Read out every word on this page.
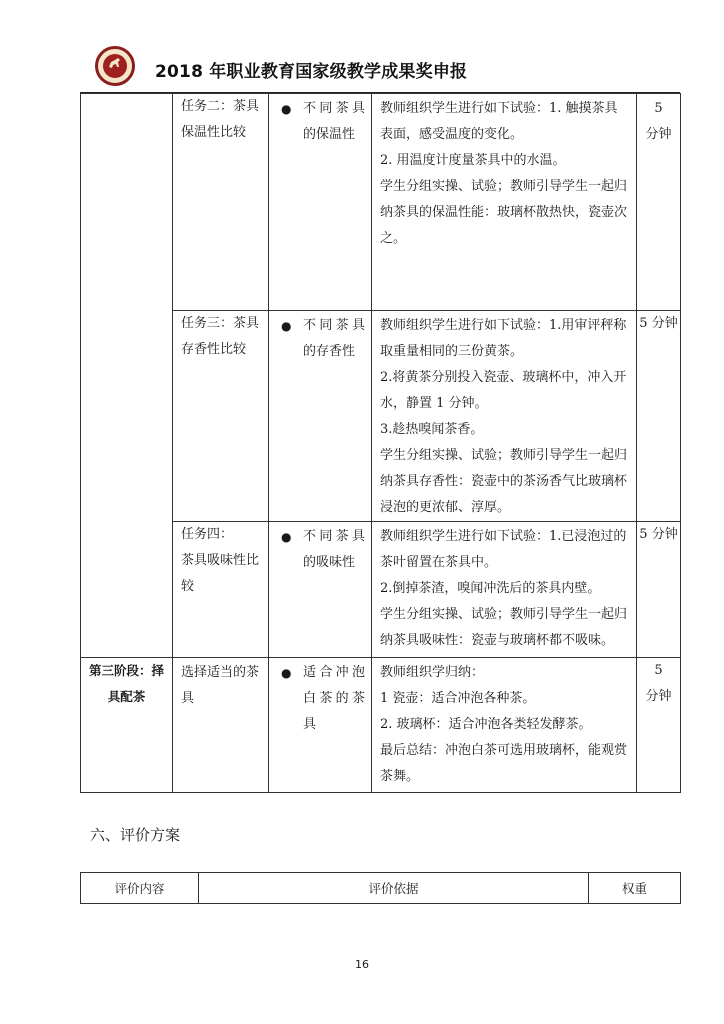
2018 年职业教育国家级教学成果奖申报

	任务二：茶具
保温性比较	● 不同茶具的保温性	教师组织学生进行如下试验：1. 触摸茶具表面，感受温度的变化。
2. 用温度计度量茶具中的水温。
学生分组实操、试验；教师引导学生一起归纳茶具的保温性能：玻璃杯散热快，瓷壶次之。	5
分钟

	任务三：茶具
存香性比较	● 不同茶具的存香性	教师组织学生进行如下试验：1.用审评秤称取重量相同的三份黄茶。
2.将黄茶分别投入瓷壶、玻璃杯中，冲入开水，静置 1 分钟。
3.趁热嗅闻茶香。
学生分组实操、试验；教师引导学生一起归纳茶具存香性：瓷壶中的茶汤香气比玻璃杯浸泡的更浓郁、淳厚。	5 分钟

	任务四：
茶具吸味性比较	● 不同茶具的吸味性	教师组织学生进行如下试验：1.已浸泡过的茶叶留置在茶具中。
2.倒掉茶渣，嗅闻冲洗后的茶具内壁。
学生分组实操、试验；教师引导学生一起归纳茶具吸味性：瓷壶与玻璃杯都不吸味。	5 分钟

第三阶段：择具配茶	选择适当的茶具	● 适合冲泡白茶的茶具	教师组织学归纳：
1 瓷壶：适合冲泡各种茶。
2. 玻璃杯：适合冲泡各类轻发酵茶。
最后总结：冲泡白茶可选用玻璃杯，能观赏茶舞。	5
分钟
六、评价方案
评价内容	评价依据	权重
16
